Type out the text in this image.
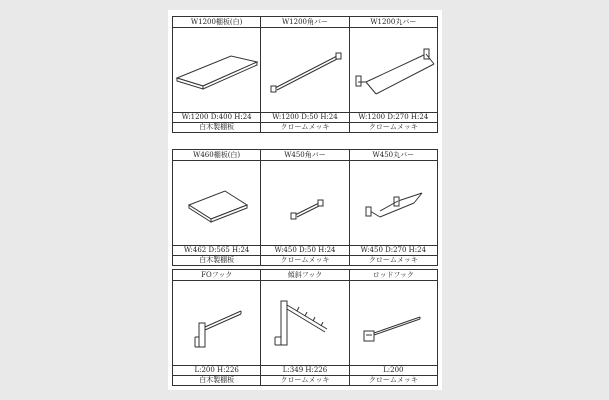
W1200棚板(白)	W1200角バー	W1200丸バー

W:1200 D:400 H:24	W:1200 D:50 H:24	W:1200 D:270 H:24
白木製棚板	クロームメッキ	クロームメッキ
W460棚板(白)	W450角バー	W450丸バー

W:462 D:565 H:24	W:450 D:50 H:24	W:450 D:270 H:24
白木製棚板	クロームメッキ	クロームメッキ
FOフック	傾斜フック	ロッドフック

L:200 H:226	L:349 H:226	L:200
白木製棚板	クロームメッキ	クロームメッキ
